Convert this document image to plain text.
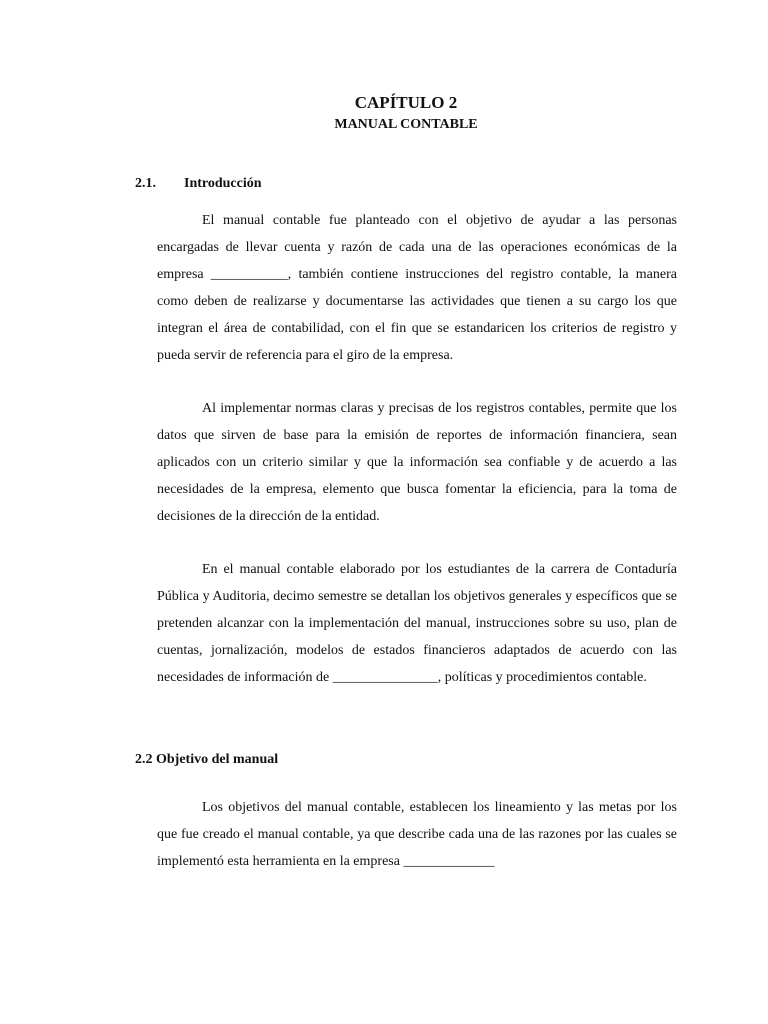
CAPÍTULO 2
MANUAL CONTABLE
2.1. Introducción

El manual contable fue planteado con el objetivo de ayudar a las personas encargadas de llevar cuenta y razón de cada una de las operaciones económicas de la empresa ___________, también contiene instrucciones del registro contable, la manera como deben de realizarse y documentarse las actividades que tienen a su cargo los que integran el área de contabilidad, con el fin que se estandaricen los criterios de registro y pueda servir de referencia para el giro de la empresa.

Al implementar normas claras y precisas de los registros contables, permite que los datos que sirven de base para la emisión de reportes de información financiera, sean aplicados con un criterio similar y que la información sea confiable y de acuerdo a las necesidades de la empresa, elemento que busca fomentar la eficiencia, para la toma de decisiones de la dirección de la entidad.

En el manual contable elaborado por los estudiantes de la carrera de Contaduría Pública y Auditoria, decimo semestre se detallan los objetivos generales y específicos que se pretenden alcanzar con la implementación del manual, instrucciones sobre su uso, plan de cuentas, jornalización, modelos de estados financieros adaptados de acuerdo con las necesidades de información de _______________, políticas y procedimientos contable.

2.2 Objetivo del manual

Los objetivos del manual contable, establecen los lineamiento y las metas por los que fue creado el manual contable, ya que describe cada una de las razones por las cuales se implementó esta herramienta en la empresa _____________
